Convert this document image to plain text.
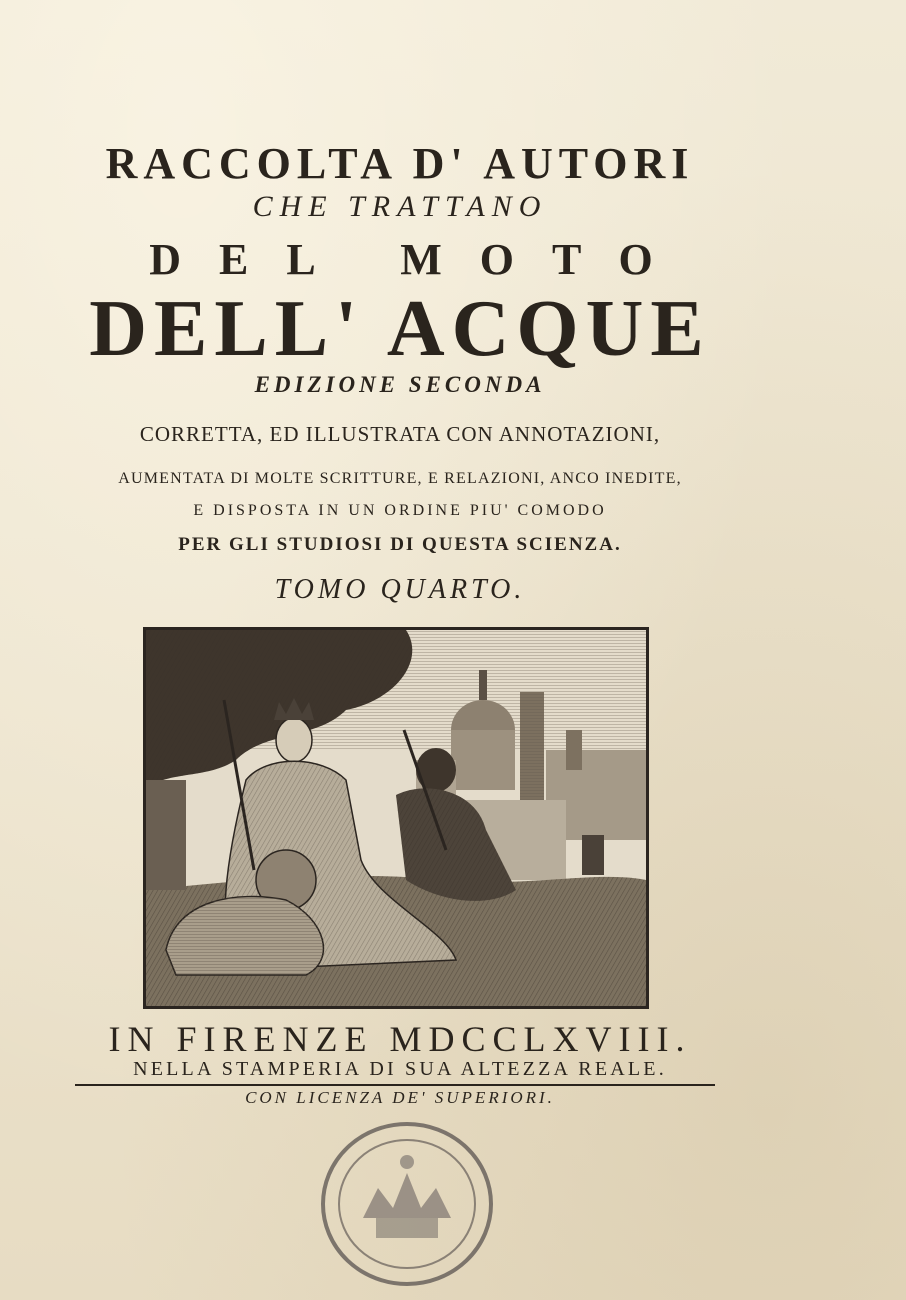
RACCOLTA D' AUTORI
CHE TRATTANO
DEL MOTO
DELL' ACQUE
EDIZIONE SECONDA
CORRETTA, ED ILLUSTRATA CON ANNOTAZIONI,
AUMENTATA DI MOLTE SCRITTURE, E RELAZIONI, ANCO INEDITE,
E DISPOSTA IN UN ORDINE PIU' COMODO
PER GLI STUDIOSI DI QUESTA SCIENZA.
TOMO QUARTO.
IN FIRENZE MDCCLXVIII.
NELLA STAMPERIA DI SUA ALTEZZA REALE.
CON LICENZA DE' SUPERIORI.
